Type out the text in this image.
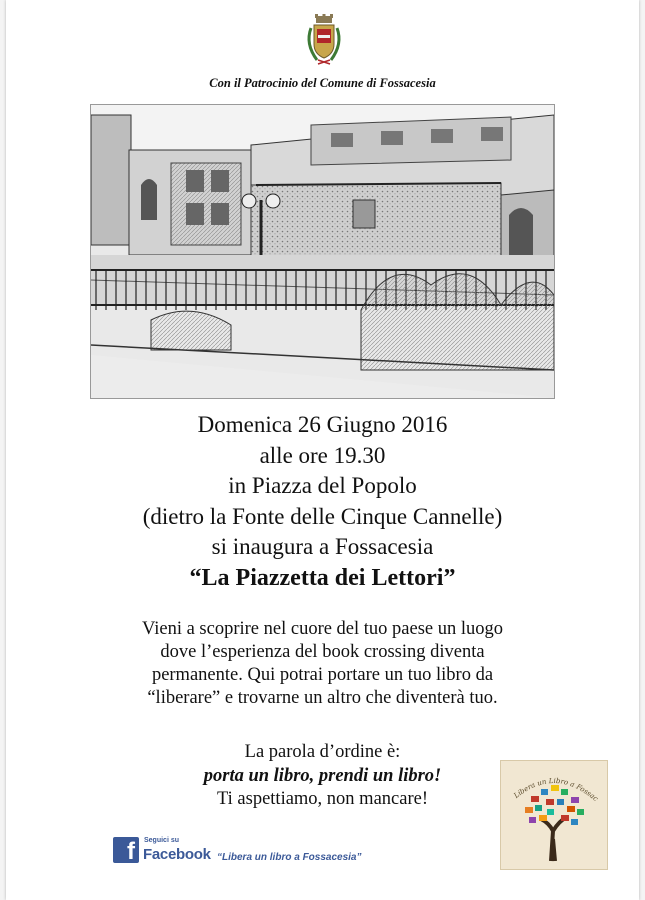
Con il Patrocinio del Comune di Fossacesia
Domenica 26 Giugno 2016
alle ore 19.30
in Piazza del Popolo
(dietro la Fonte delle Cinque Cannelle)
si inaugura a Fossacesia
“La Piazzetta dei Lettori”
Vieni a scoprire nel cuore del tuo paese un luogo
dove l’esperienza del book crossing diventa
permanente. Qui potrai portare un tuo libro da
“liberare” e trovarne un altro che diventerà tuo.
La parola d’ordine è:
porta un libro, prendi un libro!
Ti aspettiamo, non mancare!
f	Seguici su
Facebook “Libera un libro a Fossacesia”
Libera un Libro a Fossac
